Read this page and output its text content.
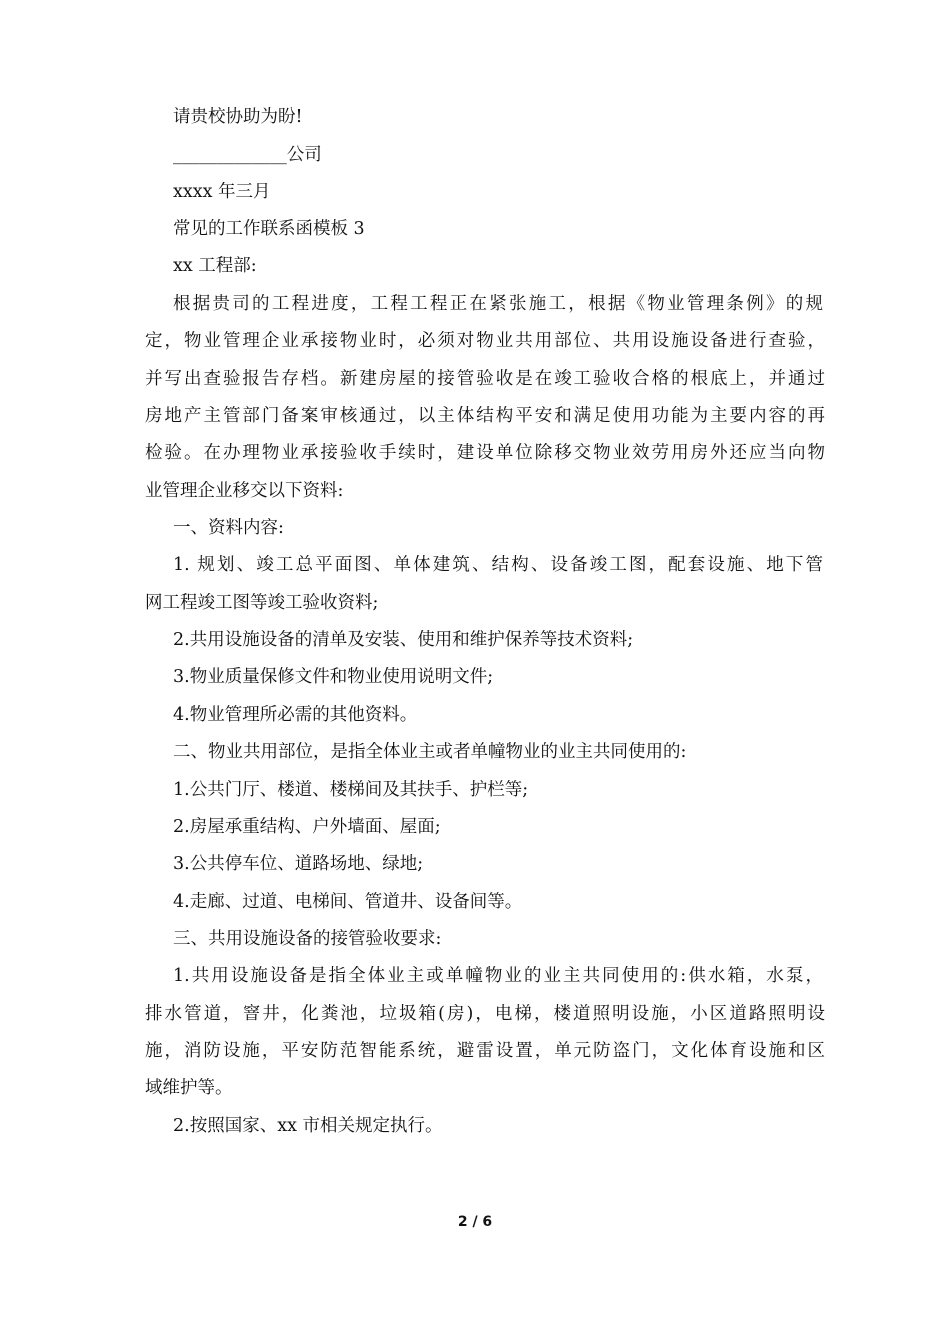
请贵校协助为盼!
_____________公司
xxxx 年三月
常见的工作联系函模板 3
xx 工程部:
根据贵司的工程进度，工程工程正在紧张施工，根据《物业管理条例》的规
定，物业管理企业承接物业时，必须对物业共用部位、共用设施设备进行查验，
并写出查验报告存档。新建房屋的接管验收是在竣工验收合格的根底上，并通过
房地产主管部门备案审核通过，以主体结构平安和满足使用功能为主要内容的再
检验。在办理物业承接验收手续时，建设单位除移交物业效劳用房外还应当向物
业管理企业移交以下资料:
一、资料内容:
1. 规划、竣工总平面图、单体建筑、结构、设备竣工图，配套设施、地下管
网工程竣工图等竣工验收资料;
2.共用设施设备的清单及安装、使用和维护保养等技术资料;
3.物业质量保修文件和物业使用说明文件;
4.物业管理所必需的其他资料。
二、物业共用部位，是指全体业主或者单幢物业的业主共同使用的:
1.公共门厅、楼道、楼梯间及其扶手、护栏等;
2.房屋承重结构、户外墙面、屋面;
3.公共停车位、道路场地、绿地;
4.走廊、过道、电梯间、管道井、设备间等。
三、共用设施设备的接管验收要求:
1.共用设施设备是指全体业主或单幢物业的业主共同使用的:供水箱，水泵，
排水管道，窨井，化粪池，垃圾箱(房)，电梯，楼道照明设施，小区道路照明设
施，消防设施，平安防范智能系统，避雷设置，单元防盗门，文化体育设施和区
域维护等。
2.按照国家、xx 市相关规定执行。
2 / 6
